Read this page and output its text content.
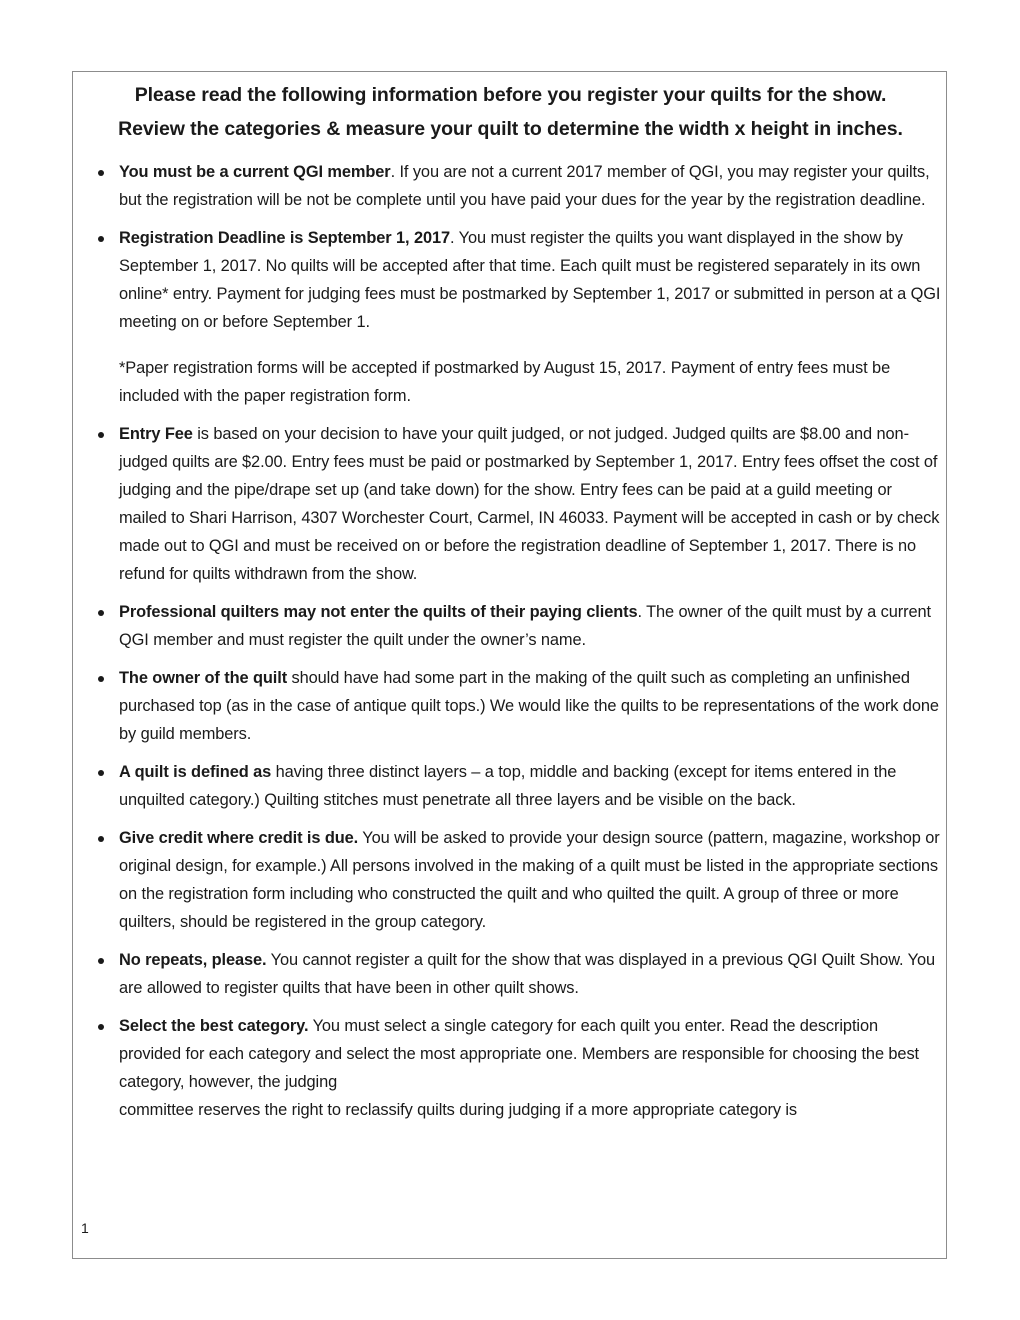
Please read the following information before you register your quilts for the show.
Review the categories & measure your quilt to determine the width x height in inches.
You must be a current QGI member. If you are not a current 2017 member of QGI, you may register your quilts, but the registration will be not be complete until you have paid your dues for the year by the registration deadline.
Registration Deadline is September 1, 2017. You must register the quilts you want displayed in the show by September 1, 2017. No quilts will be accepted after that time. Each quilt must be registered separately in its own online* entry. Payment for judging fees must be postmarked by September 1, 2017 or submitted in person at a QGI meeting on or before September 1.
*Paper registration forms will be accepted if postmarked by August 15, 2017. Payment of entry fees must be included with the paper registration form.
Entry Fee is based on your decision to have your quilt judged, or not judged. Judged quilts are $8.00 and non-judged quilts are $2.00. Entry fees must be paid or postmarked by September 1, 2017. Entry fees offset the cost of judging and the pipe/drape set up (and take down) for the show. Entry fees can be paid at a guild meeting or mailed to Shari Harrison, 4307 Worchester Court, Carmel, IN 46033. Payment will be accepted in cash or by check made out to QGI and must be received on or before the registration deadline of September 1, 2017. There is no refund for quilts withdrawn from the show.
Professional quilters may not enter the quilts of their paying clients. The owner of the quilt must by a current QGI member and must register the quilt under the owner’s name.
The owner of the quilt should have had some part in the making of the quilt such as completing an unfinished purchased top (as in the case of antique quilt tops.) We would like the quilts to be representations of the work done by guild members.
A quilt is defined as having three distinct layers – a top, middle and backing (except for items entered in the unquilted category.) Quilting stitches must penetrate all three layers and be visible on the back.
Give credit where credit is due. You will be asked to provide your design source (pattern, magazine, workshop or original design, for example.) All persons involved in the making of a quilt must be listed in the appropriate sections on the registration form including who constructed the quilt and who quilted the quilt. A group of three or more quilters, should be registered in the group category.
No repeats, please. You cannot register a quilt for the show that was displayed in a previous QGI Quilt Show. You are allowed to register quilts that have been in other quilt shows.
Select the best category. You must select a single category for each quilt you enter. Read the description provided for each category and select the most appropriate one. Members are responsible for choosing the best category, however, the judging
committee reserves the right to reclassify quilts during judging if a more appropriate category is
1
